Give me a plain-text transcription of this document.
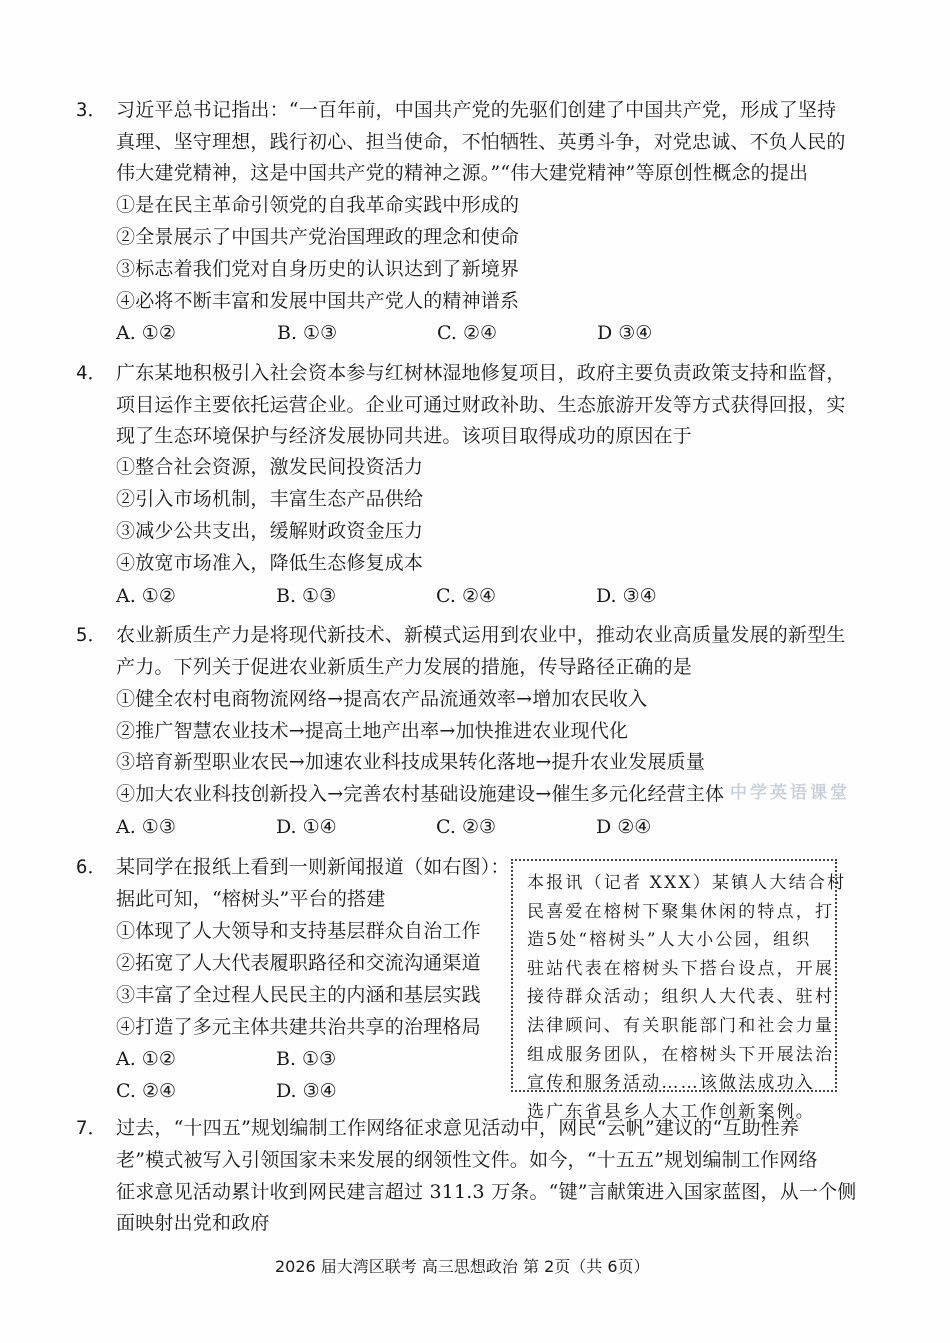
3． 习近平总书记指出：“一百年前，中国共产党的先驱们创建了中国共产党，形成了坚持
真理、坚守理想，践行初心、担当使命，不怕牺牲、英勇斗争，对党忠诚、不负人民的
伟大建党精神，这是中国共产党的精神之源。”“伟大建党精神”等原创性概念的提出
①是在民主革命引领党的自我革命实践中形成的
②全景展示了中国共产党治国理政的理念和使命
③标志着我们党对自身历史的认识达到了新境界
④必将不断丰富和发展中国共产党人的精神谱系
A. ①②	B. ①③	C. ②④	D ③④
4． 广东某地积极引入社会资本参与红树林湿地修复项目，政府主要负责政策支持和监督，
项目运作主要依托运营企业。企业可通过财政补助、生态旅游开发等方式获得回报，实
现了生态环境保护与经济发展协同共进。该项目取得成功的原因在于
①整合社会资源，激发民间投资活力
②引入市场机制，丰富生态产品供给
③减少公共支出，缓解财政资金压力
④放宽市场准入，降低生态修复成本
A. ①②	B. ①③	C. ②④	D. ③④
5． 农业新质生产力是将现代新技术、新模式运用到农业中，推动农业高质量发展的新型生
产力。下列关于促进农业新质生产力发展的措施，传导路径正确的是
①健全农村电商物流网络→提高农产品流通效率→增加农民收入
②推广智慧农业技术→提高土地产出率→加快推进农业现代化
③培育新型职业农民→加速农业科技成果转化落地→提升农业发展质量
④加大农业科技创新投入→完善农村基础设施建设→催生多元化经营主体
A. ①③	D. ①④	C. ②③	D ②④
中学英语课堂
6． 某同学在报纸上看到一则新闻报道（如右图）：
据此可知，“榕树头”平台的搭建
①体现了人大领导和支持基层群众自治工作
②拓宽了人大代表履职路径和交流沟通渠道
③丰富了全过程人民民主的内涵和基层实践
④打造了多元主体共建共治共享的治理格局
A. ①②	B. ①③
C. ②④	D. ③④
本报讯（记者 XXX）某镇人大结合村
民喜爱在榕树下聚集休闲的特点，打
造5处“榕树头”人大小公园，组织
驻站代表在榕树头下搭台设点，开展
接待群众活动；组织人大代表、驻村
法律顾问、有关职能部门和社会力量
组成服务团队，在榕树头下开展法治
宣传和服务活动……该做法成功入
选广东省县乡人大工作创新案例。
7． 过去，“十四五”规划编制工作网络征求意见活动中，网民“云帆”建议的“互助性养
老”模式被写入引领国家未来发展的纲领性文件。如今，“十五五”规划编制工作网络
征求意见活动累计收到网民建言超过 311.3 万条。“键”言献策进入国家蓝图，从一个侧
面映射出党和政府
2026 届大湾区联考 高三思想政治 第 2页（共 6页）
